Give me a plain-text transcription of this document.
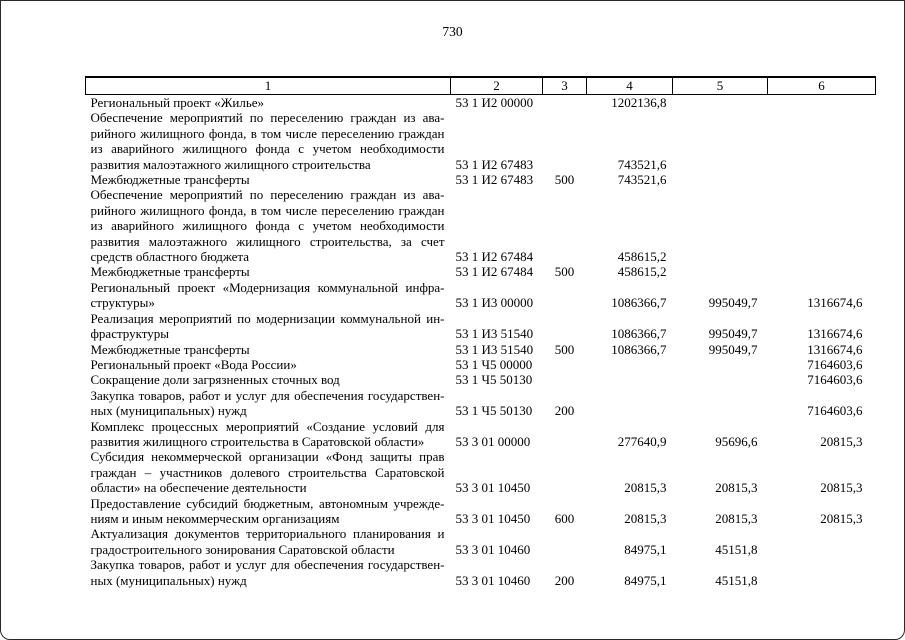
730
1	2	3	4	5	6

Региональный проект «Жилье»	53 1 И2 00000		1202136,8		

Обеспечение мероприятий по переселению граждан из ава-
рийного жилищного фонда, в том числе переселению граждан
из аварийного жилищного фонда с учетом необходимости
развития малоэтажного жилищного строительства	53 1 И2 67483		743521,6		

Межбюджетные трансферты	53 1 И2 67483	500	743521,6		

Обеспечение мероприятий по переселению граждан из ава-
рийного жилищного фонда, в том числе переселению граждан
из аварийного жилищного фонда с учетом необходимости
развития малоэтажного жилищного строительства, за счет
средств областного бюджета	53 1 И2 67484		458615,2		

Межбюджетные трансферты	53 1 И2 67484	500	458615,2		

Региональный проект «Модернизация коммунальной инфра-
структуры»	53 1 И3 00000		1086366,7	995049,7	1316674,6

Реализация мероприятий по модернизации коммунальной ин-
фраструктуры	53 1 И3 51540		1086366,7	995049,7	1316674,6

Межбюджетные трансферты	53 1 И3 51540	500	1086366,7	995049,7	1316674,6

Региональный проект «Вода России»	53 1 Ч5 00000				7164603,6

Сокращение доли загрязненных сточных вод	53 1 Ч5 50130				7164603,6

Закупка товаров, работ и услуг для обеспечения государствен-
ных (муниципальных) нужд	53 1 Ч5 50130	200			7164603,6

Комплекс процессных мероприятий «Создание условий для
развития жилищного строительства в Саратовской области»	53 3 01 00000		277640,9	95696,6	20815,3

Субсидия некоммерческой организации «Фонд защиты прав
граждан – участников долевого строительства Саратовской
области» на обеспечение деятельности	53 3 01 10450		20815,3	20815,3	20815,3

Предоставление субсидий бюджетным, автономным учрежде-
ниям и иным некоммерческим организациям	53 3 01 10450	600	20815,3	20815,3	20815,3

Актуализация документов территориального планирования и
градостроительного зонирования Саратовской области	53 3 01 10460		84975,1	45151,8	

Закупка товаров, работ и услуг для обеспечения государствен-
ных (муниципальных) нужд	53 3 01 10460	200	84975,1	45151,8	
